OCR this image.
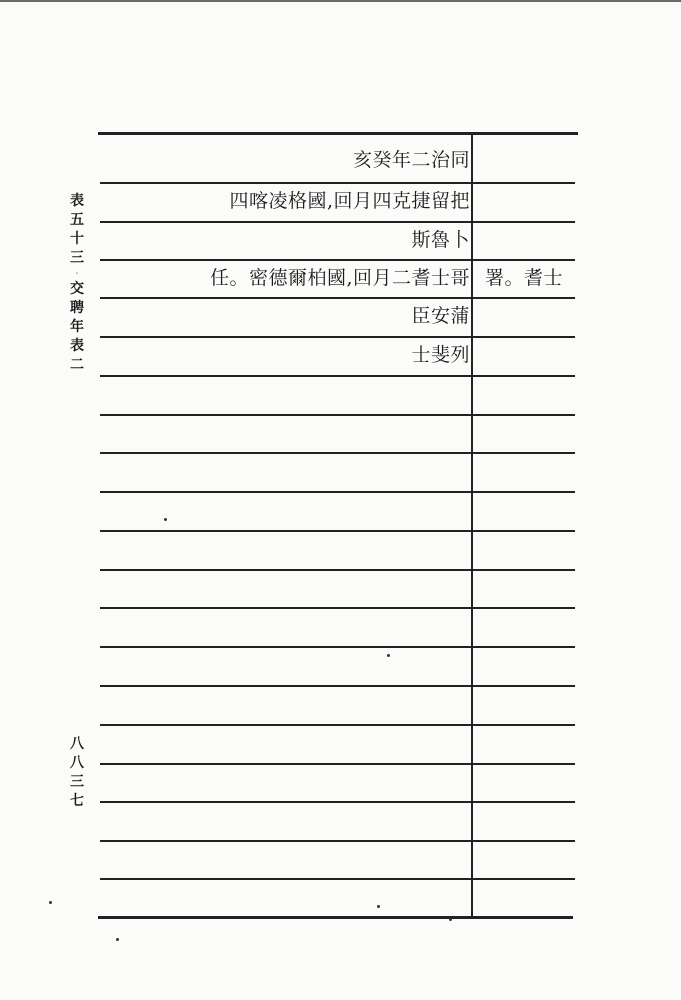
表
五
十
三
·
交
聘
年
表
二
八
八
三
七
亥癸年二治同
四喀凌格國,回月四克捷留把
斯魯卜
任。密德爾柏國,回月二耆士哥 署。耆士
臣安蒲
士斐列
